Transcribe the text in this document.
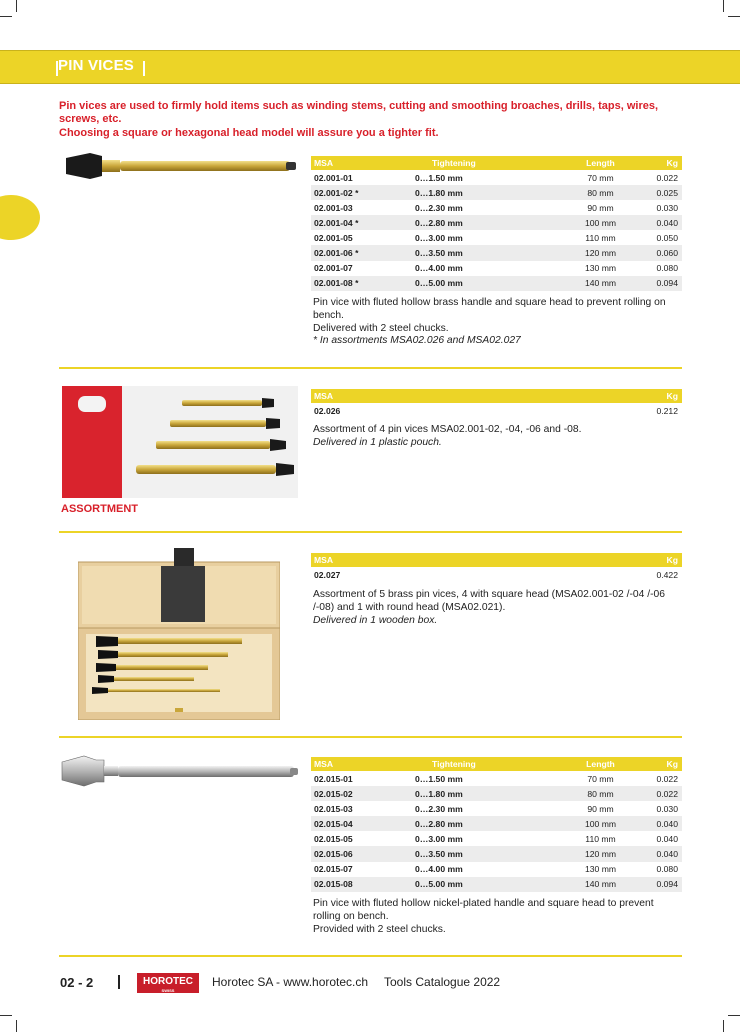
PIN VICES

Pin vices are used to firmly hold items such as winding stems, cutting and smoothing broaches, drills, taps, wires, screws, etc.

Choosing a square or hexagonal head model will assure you a tighter fit.

MSA	Tightening	Length	Kg
02.001-01	0…1.50 mm	70 mm	0.022
02.001-02 *	0…1.80 mm	80 mm	0.025
02.001-03	0…2.30 mm	90 mm	0.030
02.001-04 *	0…2.80 mm	100 mm	0.040
02.001-05	0…3.00 mm	110 mm	0.050
02.001-06 *	0…3.50 mm	120 mm	0.060
02.001-07	0…4.00 mm	130 mm	0.080
02.001-08 *	0…5.00 mm	140 mm	0.094
Pin vice with fluted hollow brass handle and square head to prevent rolling on bench.
Delivered with 2 steel chucks.
* In assortments MSA02.026 and MSA02.027
ASSORTMENT
MSA	Kg
02.026	0.212
Assortment of 4 pin vices MSA02.001-02, -04, -06 and -08.
Delivered in 1 plastic pouch.
MSA	Kg
02.027	0.422
Assortment of 5 brass pin vices, 4 with square head (MSA02.001-02 /-04 /-06 /-08) and 1 with round head (MSA02.021).
Delivered in 1 wooden box.
MSA	Tightening	Length	Kg
02.015-01	0…1.50 mm	70 mm	0.022
02.015-02	0…1.80 mm	80 mm	0.022
02.015-03	0…2.30 mm	90 mm	0.030
02.015-04	0…2.80 mm	100 mm	0.040
02.015-05	0…3.00 mm	110 mm	0.040
02.015-06	0…3.50 mm	120 mm	0.040
02.015-07	0…4.00 mm	130 mm	0.080
02.015-08	0…5.00 mm	140 mm	0.094
Pin vice with fluted hollow nickel-plated handle and square head to prevent rolling on bench.
Provided with 2 steel chucks.
02 - 2	HOROTEC
SWISS
Horotec SA - www.horotec.ch Tools Catalogue 2022
